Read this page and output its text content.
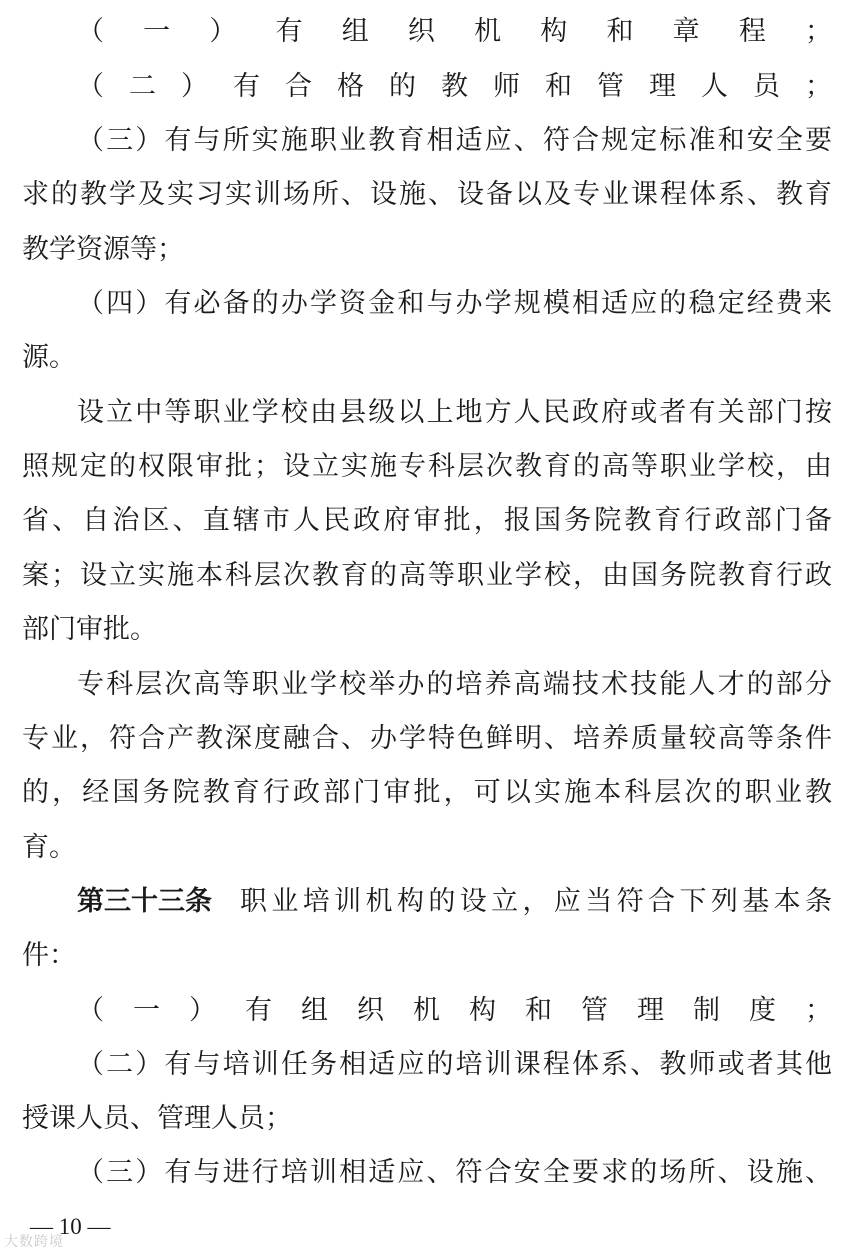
（一）有组织机构和章程；
（二）有合格的教师和管理人员；
（三）有与所实施职业教育相适应、符合规定标准和安全要
求的教学及实习实训场所、设施、设备以及专业课程体系、教育
教学资源等；
（四）有必备的办学资金和与办学规模相适应的稳定经费来
源。
设立中等职业学校由县级以上地方人民政府或者有关部门按
照规定的权限审批；设立实施专科层次教育的高等职业学校，由
省、自治区、直辖市人民政府审批，报国务院教育行政部门备
案；设立实施本科层次教育的高等职业学校，由国务院教育行政
部门审批。
专科层次高等职业学校举办的培养高端技术技能人才的部分
专业，符合产教深度融合、办学特色鲜明、培养质量较高等条件
的，经国务院教育行政部门审批，可以实施本科层次的职业教
育。
第三十三条 职业培训机构的设立，应当符合下列基本条
件：
（一）有组织机构和管理制度；
（二）有与培训任务相适应的培训课程体系、教师或者其他
授课人员、管理人员；
（三）有与进行培训相适应、符合安全要求的场所、设施、
— 10 —
大数跨境
